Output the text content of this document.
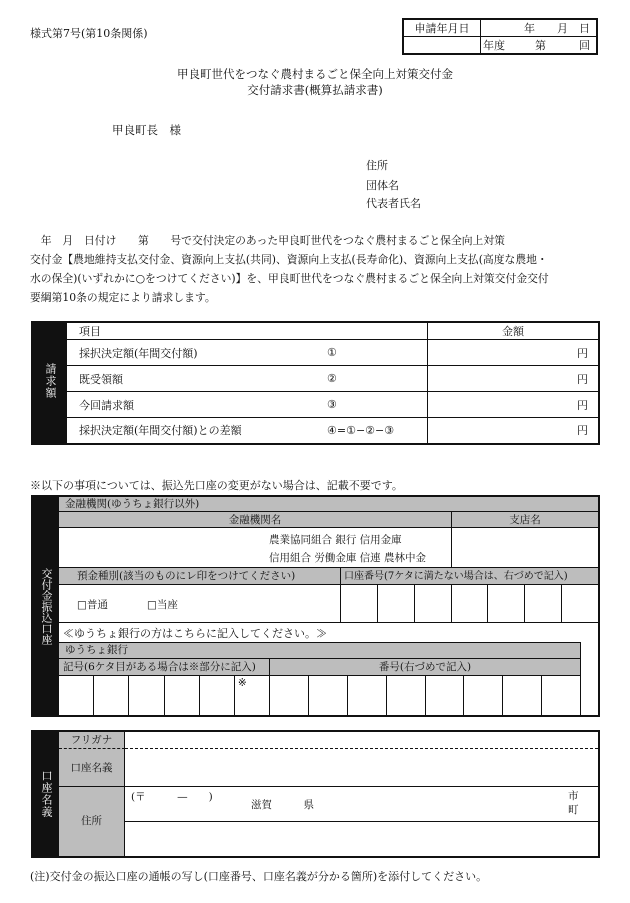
様式第7号(第10条関係)	申請年月日	年　　月　日
	年度 第　　　回
甲良町世代をつなぐ農村まるごと保全向上対策交付金
交付請求書(概算払請求書)
甲良町長　様
住所
団体名
代表者氏名
　年　月　日付け　　第　　号で交付決定のあった甲良町世代をつなぐ農村まるごと保全向上対策
交付金【農地維持支払交付金、資源向上支払(共同)、資源向上支払(長寿命化)、資源向上支払(高度な農地・
水の保全)(いずれかに○をつけてください)】を、甲良町世代をつなぐ農村まるごと保全向上対策交付金交付
要綱第10条の規定により請求します。
請求額	項目		金額
	採択決定額(年間交付額)	①	円
	既受領額	②	円
	今回請求額	③	円
	採択決定額(年間交付額)との差額	④=①−②−③	円
※以下の事項については、振込先口座の変更がない場合は、記載不要です。
交付金振込口座
金融機関(ゆうちょ銀行以外)
金融機関名	支店名
農業協同組合 銀行 信用金庫
信用組合 労働金庫 信連 農林中金
預金種別(該当のものにレ印をつけてください)	口座番号(7ケタに満たない場合は、右づめで記入)
□普通	□当座
≪ゆうちょ銀行の方はこちらに記入してください。≫
ゆうちょ銀行
記号(6ケタ目がある場合は※部分に記入)	番号(右づめで記入)
※
口座名義
フリガナ
口座名義
住所
(〒　　　—　　)
滋賀　　　県
市
町
(注)交付金の振込口座の通帳の写し(口座番号、口座名義が分かる箇所)を添付してください。
